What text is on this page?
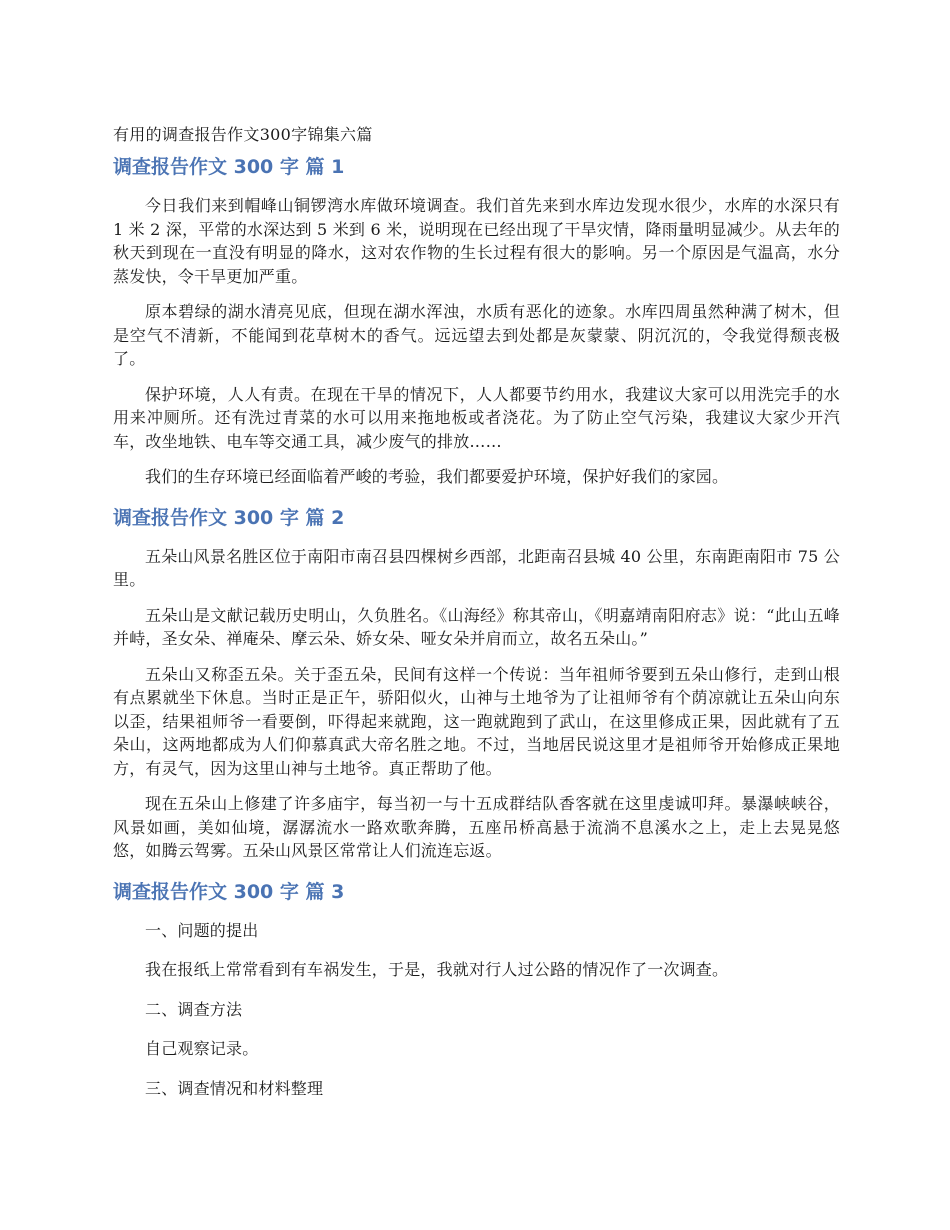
有用的调查报告作文300字锦集六篇
调查报告作文 300 字 篇 1

今日我们来到帽峰山铜锣湾水库做环境调查。我们首先来到水库边发现水很少，水库的水深只有 1 米 2 深，平常的水深达到 5 米到 6 米，说明现在已经出现了干旱灾情，降雨量明显减少。从去年的秋天到现在一直没有明显的降水，这对农作物的生长过程有很大的影响。另一个原因是气温高，水分蒸发快，令干旱更加严重。

原本碧绿的湖水清亮见底，但现在湖水浑浊，水质有恶化的迹象。水库四周虽然种满了树木，但是空气不清新，不能闻到花草树木的香气。远远望去到处都是灰蒙蒙、阴沉沉的，令我觉得颓丧极了。

保护环境，人人有责。在现在干旱的情况下，人人都要节约用水，我建议大家可以用洗完手的水用来冲厕所。还有洗过青菜的水可以用来拖地板或者浇花。为了防止空气污染，我建议大家少开汽车，改坐地铁、电车等交通工具，减少废气的排放……

我们的生存环境已经面临着严峻的考验，我们都要爱护环境，保护好我们的家园。

调查报告作文 300 字 篇 2

五朵山风景名胜区位于南阳市南召县四棵树乡西部，北距南召县城 40 公里，东南距南阳市 75 公里。

五朵山是文献记载历史明山，久负胜名。《山海经》称其帝山，《明嘉靖南阳府志》说：“此山五峰并峙，圣女朵、禅庵朵、摩云朵、娇女朵、哑女朵并肩而立，故名五朵山。”

五朵山又称歪五朵。关于歪五朵，民间有这样一个传说：当年祖师爷要到五朵山修行，走到山根有点累就坐下休息。当时正是正午，骄阳似火，山神与土地爷为了让祖师爷有个荫凉就让五朵山向东以歪，结果祖师爷一看要倒，吓得起来就跑，这一跑就跑到了武山，在这里修成正果，因此就有了五朵山，这两地都成为人们仰慕真武大帝名胜之地。不过，当地居民说这里才是祖师爷开始修成正果地方，有灵气，因为这里山神与土地爷。真正帮助了他。

现在五朵山上修建了许多庙宇，每当初一与十五成群结队香客就在这里虔诚叩拜。暴瀑峡峡谷，风景如画，美如仙境，潺潺流水一路欢歌奔腾，五座吊桥高悬于流淌不息溪水之上，走上去晃晃悠悠，如腾云驾雾。五朵山风景区常常让人们流连忘返。

调查报告作文 300 字 篇 3

一、问题的提出

我在报纸上常常看到有车祸发生，于是，我就对行人过公路的情况作了一次调查。

二、调查方法

自己观察记录。

三、调查情况和材料整理
